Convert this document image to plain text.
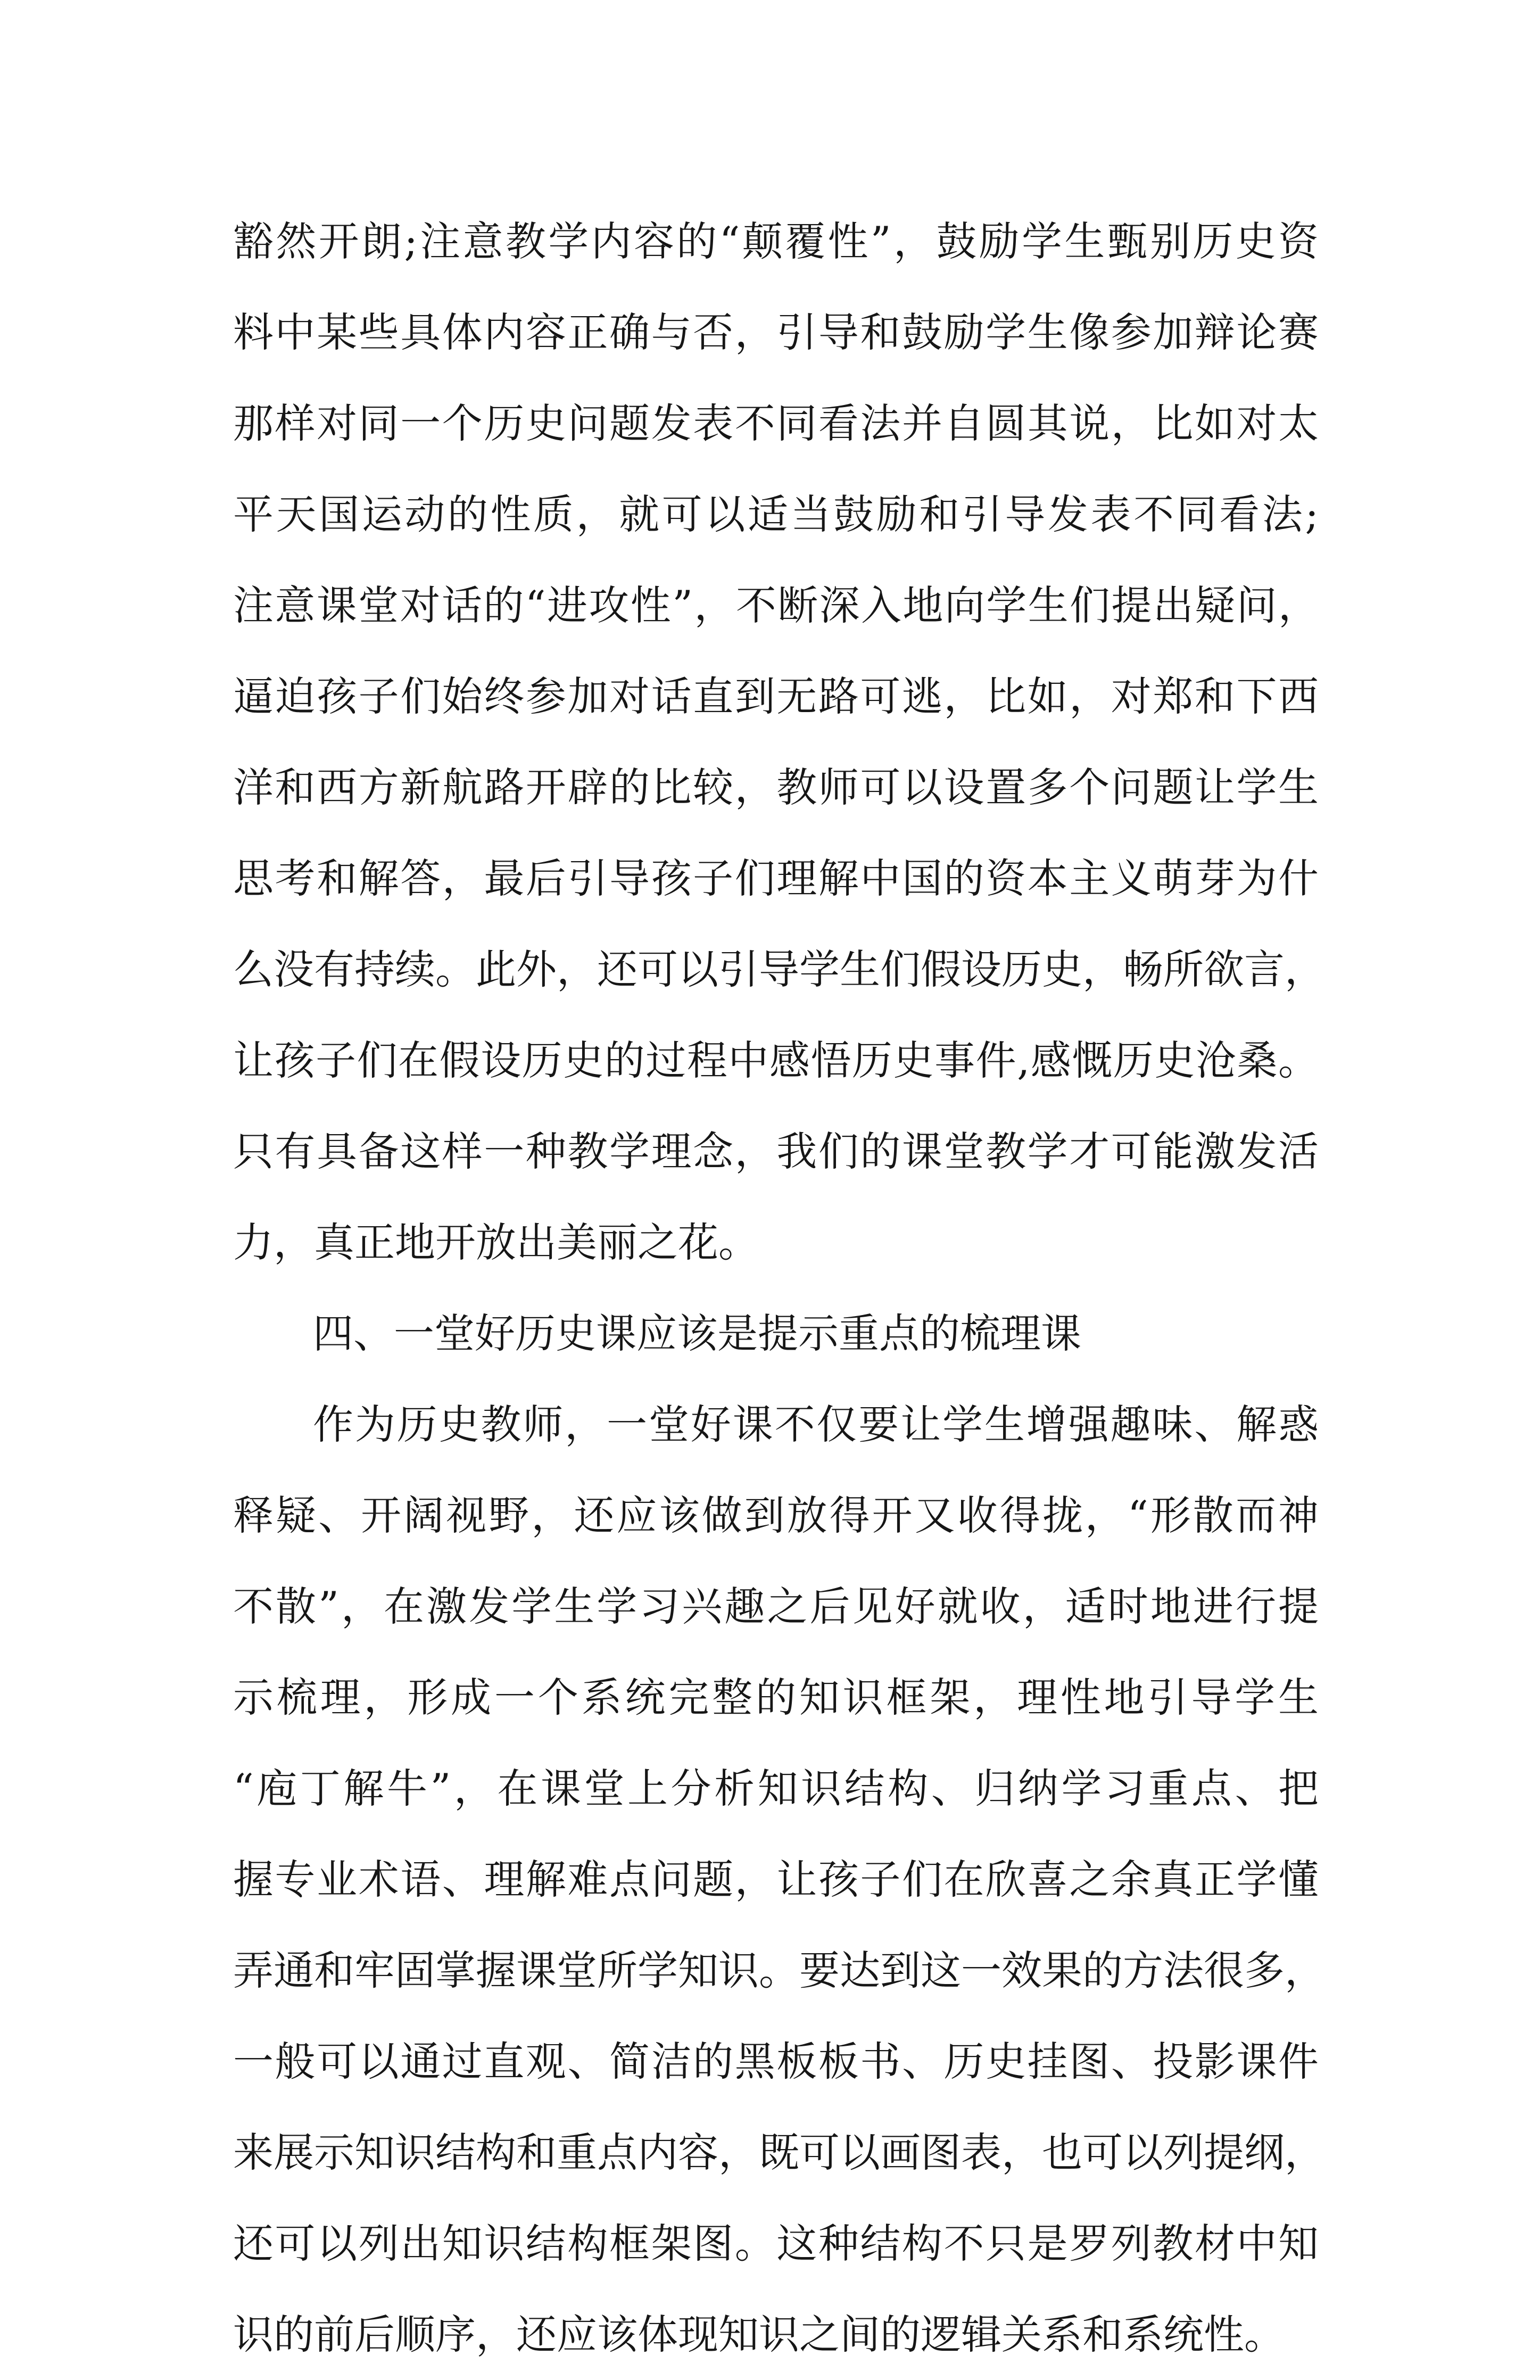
豁然开朗;注意教学内容的“颠覆性”，鼓励学生甄别历史资
料中某些具体内容正确与否，引导和鼓励学生像参加辩论赛
那样对同一个历史问题发表不同看法并自圆其说，比如对太
平天国运动的性质，就可以适当鼓励和引导发表不同看法;
注意课堂对话的“进攻性”，不断深入地向学生们提出疑问，
逼迫孩子们始终参加对话直到无路可逃，比如，对郑和下西
洋和西方新航路开辟的比较，教师可以设置多个问题让学生
思考和解答，最后引导孩子们理解中国的资本主义萌芽为什
么没有持续。此外，还可以引导学生们假设历史，畅所欲言，
让孩子们在假设历史的过程中感悟历史事件,感慨历史沧桑。
只有具备这样一种教学理念，我们的课堂教学才可能激发活
力，真正地开放出美丽之花。
四、一堂好历史课应该是提示重点的梳理课
作为历史教师，一堂好课不仅要让学生增强趣味、解惑
释疑、开阔视野，还应该做到放得开又收得拢，“形散而神
不散”，在激发学生学习兴趣之后见好就收，适时地进行提
示梳理，形成一个系统完整的知识框架，理性地引导学生
“庖丁解牛”，在课堂上分析知识结构、归纳学习重点、把
握专业术语、理解难点问题，让孩子们在欣喜之余真正学懂
弄通和牢固掌握课堂所学知识。要达到这一效果的方法很多，
一般可以通过直观、简洁的黑板板书、历史挂图、投影课件
来展示知识结构和重点内容，既可以画图表，也可以列提纲，
还可以列出知识结构框架图。这种结构不只是罗列教材中知
识的前后顺序，还应该体现知识之间的逻辑关系和系统性。
